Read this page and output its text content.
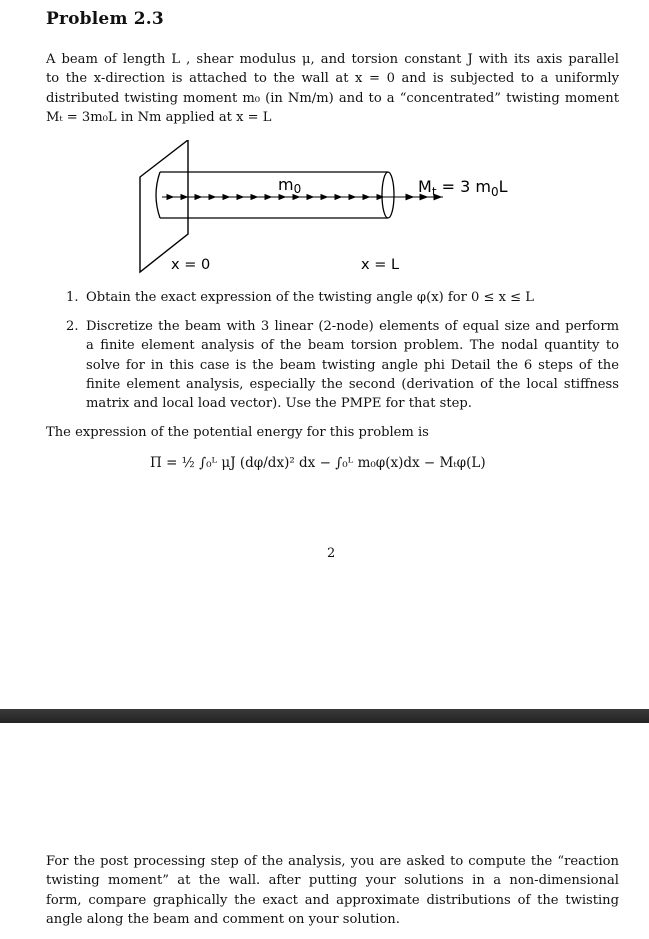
Problem 2.3
A beam of length L , shear modulus μ, and torsion constant J with its axis parallel
to the x-direction is attached to the wall at x = 0 and is subjected to a uniformly
distributed twisting moment m₀ (in Nm/m) and to a “concentrated” twisting moment
Mₜ = 3m₀L in Nm applied at x = L
m0	$M_t = 3$ $m_0L$
x = 0	x = L
1. Obtain the exact expression of the twisting angle φ(x) for 0 ≤ x ≤ L
2. Discretize the beam with 3 linear (2-node) elements of equal size and perform
a finite element analysis of the beam torsion problem. The nodal quantity to
solve for in this case is the beam twisting angle phi Detail the 6 steps of the
finite element analysis, especially the second (derivation of the local stiffness
matrix and local load vector). Use the PMPE for that step.
The expression of the potential energy for this problem is
Π = ½ ∫₀ᴸ μJ (dφ/dx)² dx − ∫₀ᴸ m₀φ(x)dx − Mₜφ(L)
2
For the post processing step of the analysis, you are asked to compute the “reaction
twisting moment” at the wall. after putting your solutions in a non-dimensional
form, compare graphically the exact and approximate distributions of the twisting
angle along the beam and comment on your solution.
